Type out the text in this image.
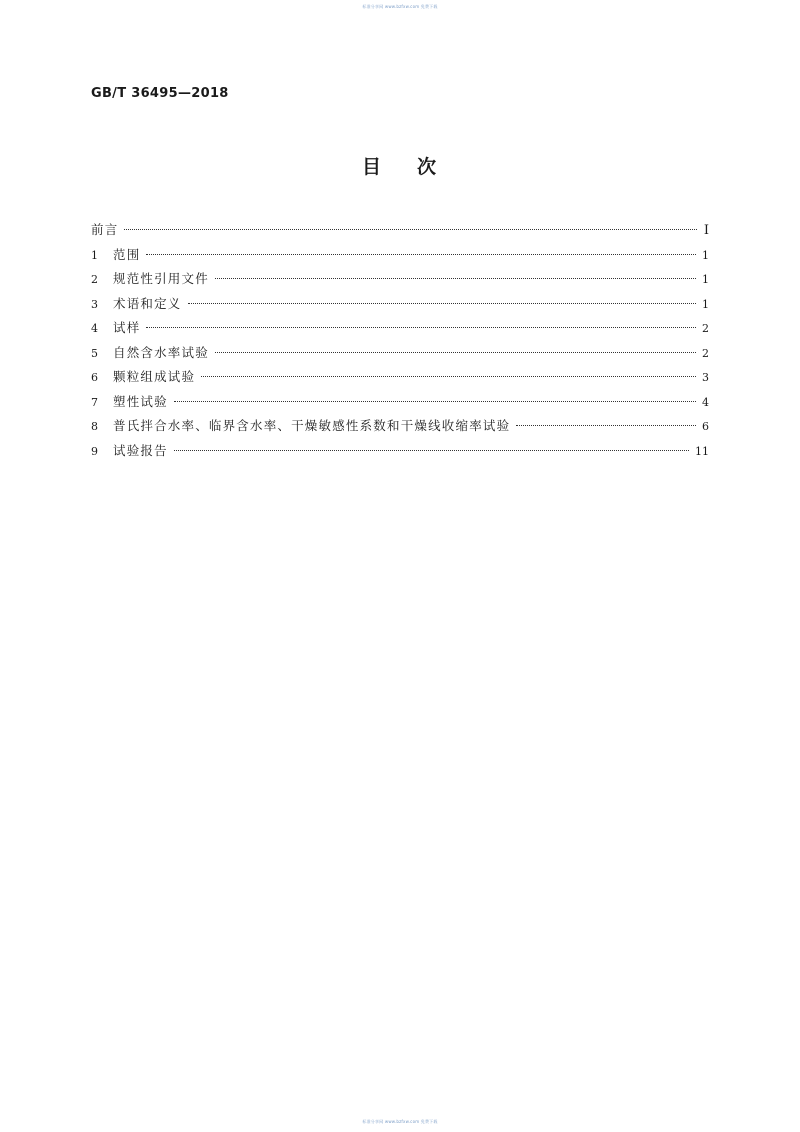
标准分享网 www.bzfxw.com 免费下载
GB/T 36495—2018
目 次
前言	Ⅰ
1	范围	1
2	规范性引用文件	1
3	术语和定义	1
4	试样	2
5	自然含水率试验	2
6	颗粒组成试验	3
7	塑性试验	4
8	普氏拌合水率、临界含水率、干燥敏感性系数和干燥线收缩率试验	6
9	试验报告	11
标准分享网 www.bzfxw.com 免费下载
